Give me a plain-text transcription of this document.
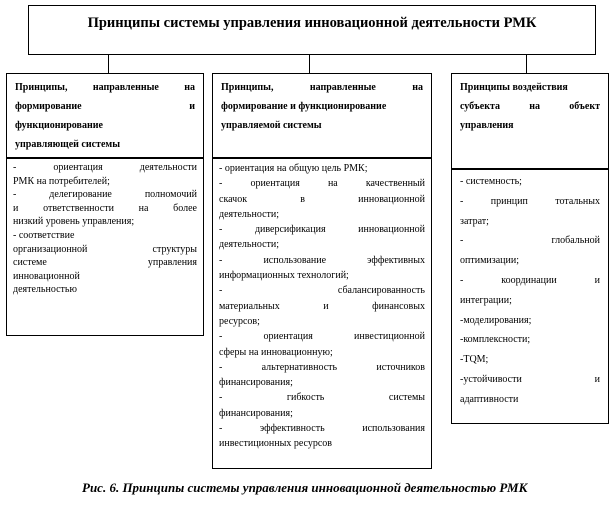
Принципы системы управления инновационной деятельности РМК
Принципы, направленные на
формирование и
функционирование
управляющей системы
- ориентация деятельности
РМК на потребителей;
- делегирование полномочий
и ответственности на более
низкий уровень управления;
- соответствие
организационной структуры
системе управления
инновационной
деятельностью
Принципы, направленные на
формирование и функционирование
управляемой системы
- ориентация на общую цель РМК;
- ориентация на качественный
скачок в инновационной
деятельности;
- диверсификация инновационной
деятельности;
- использование эффективных
информационных технологий;
- сбалансированность
материальных и финансовых
ресурсов;
- ориентация инвестиционной
сферы на инновационную;
- альтернативность источников
финансирования;
- гибкость системы
финансирования;
- эффективность использования
инвестиционных ресурсов
Принципы воздействия
субъекта на объект
управления
- системность;
- принцип тотальных
затрат;
- глобальной
оптимизации;
- координации и
интеграции;
-моделирования;
-комплексности;
-TQM;
-устойчивости и
адаптивности
Рис. 6. Принципы системы управления инновационной деятельностью РМК
